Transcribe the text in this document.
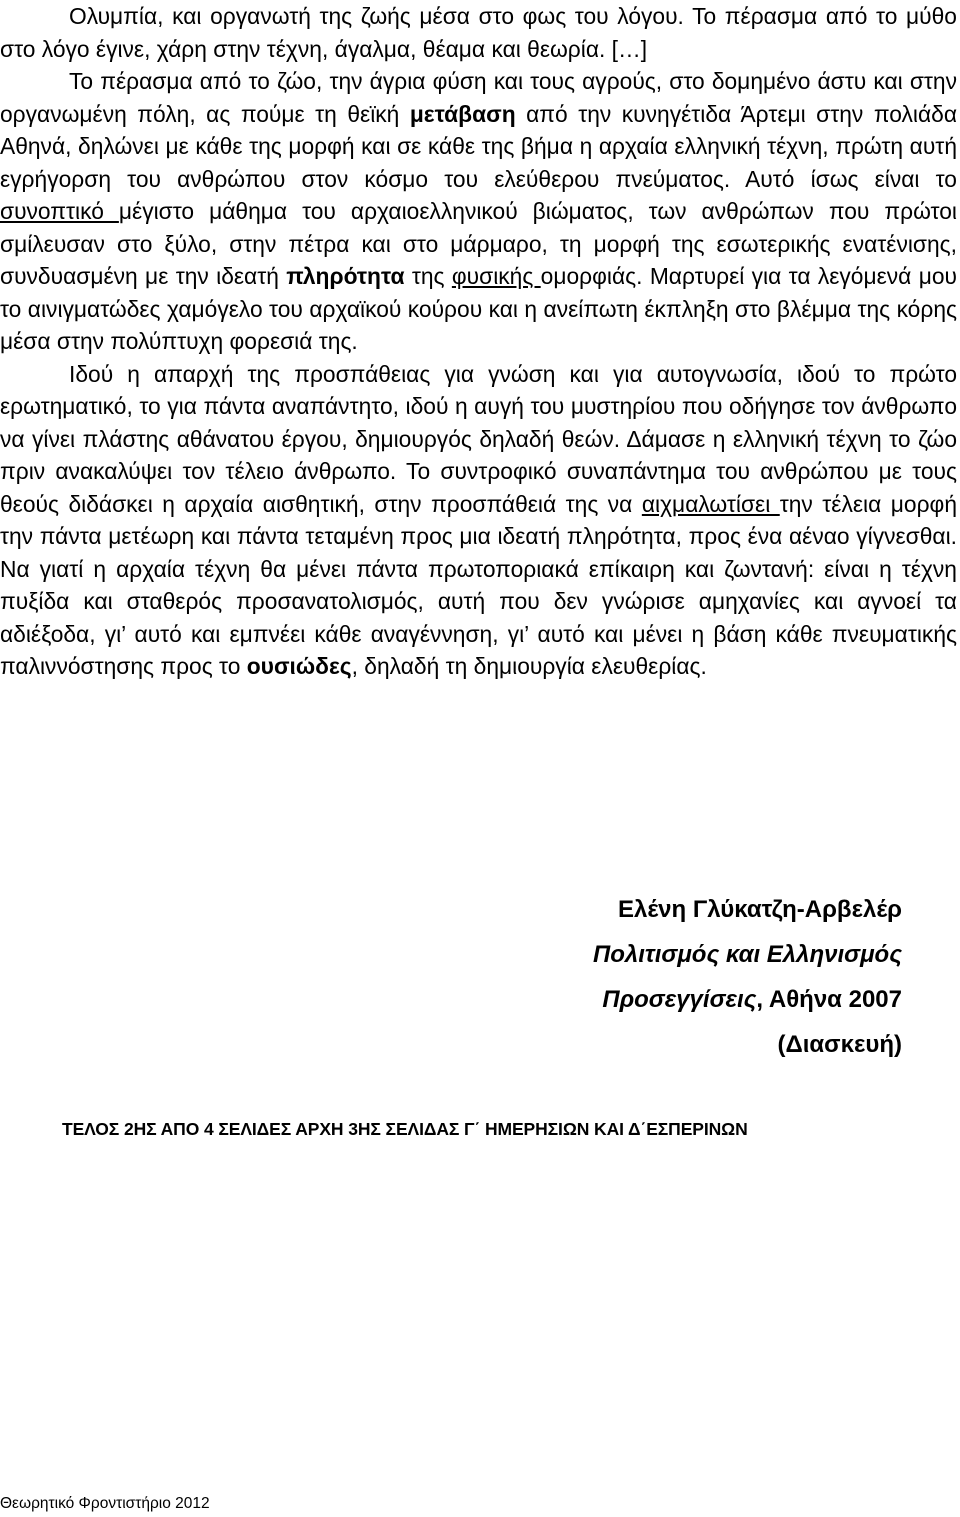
Ολυμπία, και οργανωτή της ζωής μέσα στο φως του λόγου. Το πέρασμα από το μύθο στο λόγο έγινε, χάρη στην τέχνη, άγαλμα, θέαμα και θεωρία. […]

Το πέρασμα από το ζώο, την άγρια φύση και τους αγρούς, στο δομημένο άστυ και στην οργανωμένη πόλη, ας πούμε τη θεϊκή μετάβαση από την κυνηγέτιδα Άρτεμι στην πολιάδα Αθηνά, δηλώνει με κάθε της μορφή και σε κάθε της βήμα η αρχαία ελληνική τέχνη, πρώτη αυτή εγρήγορση του ανθρώπου στον κόσμο του ελεύθερου πνεύματος. Αυτό ίσως είναι το συνοπτικό μέγιστο μάθημα του αρχαιοελληνικού βιώματος, των ανθρώπων που πρώτοι σμίλευσαν στο ξύλο, στην πέτρα και στο μάρμαρο, τη μορφή της εσωτερικής ενατένισης, συνδυασμένη με την ιδεατή πληρότητα της φυσικής ομορφιάς. Μαρτυρεί για τα λεγόμενά μου το αινιγματώδες χαμόγελο του αρχαϊκού κούρου και η ανείπωτη έκπληξη στο βλέμμα της κόρης μέσα στην πολύπτυχη φορεσιά της.

Ιδού η απαρχή της προσπάθειας για γνώση και για αυτογνωσία, ιδού το πρώτο ερωτηματικό, το για πάντα αναπάντητο, ιδού η αυγή του μυστηρίου που οδήγησε τον άνθρωπο να γίνει πλάστης αθάνατου έργου, δημιουργός δηλαδή θεών. Δάμασε η ελληνική τέχνη το ζώο πριν ανακαλύψει τον τέλειο άνθρωπο. Το συντροφικό συναπάντημα του ανθρώπου με τους θεούς διδάσκει η αρχαία αισθητική, στην προσπάθειά της να αιχμαλωτίσει την τέλεια μορφή την πάντα μετέωρη και πάντα τεταμένη προς μια ιδεατή πληρότητα, προς ένα αέναο γίγνεσθαι. Να γιατί η αρχαία τέχνη θα μένει πάντα πρωτοποριακά επίκαιρη και ζωντανή: είναι η τέχνη πυξίδα και σταθερός προσανατολισμός, αυτή που δεν γνώρισε αμηχανίες και αγνοεί τα αδιέξοδα, γι’ αυτό και εμπνέει κάθε αναγέννηση, γι’ αυτό και μένει η βάση κάθε πνευματικής παλιννόστησης προς το ουσιώδες, δηλαδή τη δημιουργία ελευθερίας.

Ελένη Γλύκατζη-Αρβελέρ
Πολιτισμός και Ελληνισμός
Προσεγγίσεις, Αθήνα 2007
(Διασκευή)
ΤΕΛΟΣ 2ΗΣ ΑΠΟ 4 ΣΕΛΙΔΕΣ ΑΡΧΗ 3ΗΣ ΣΕΛΙΔΑΣ Γ΄ ΗΜΕΡΗΣΙΩΝ ΚΑΙ Δ΄ΕΣΠΕΡΙΝΩΝ
Θεωρητικό Φροντιστήριο 2012
